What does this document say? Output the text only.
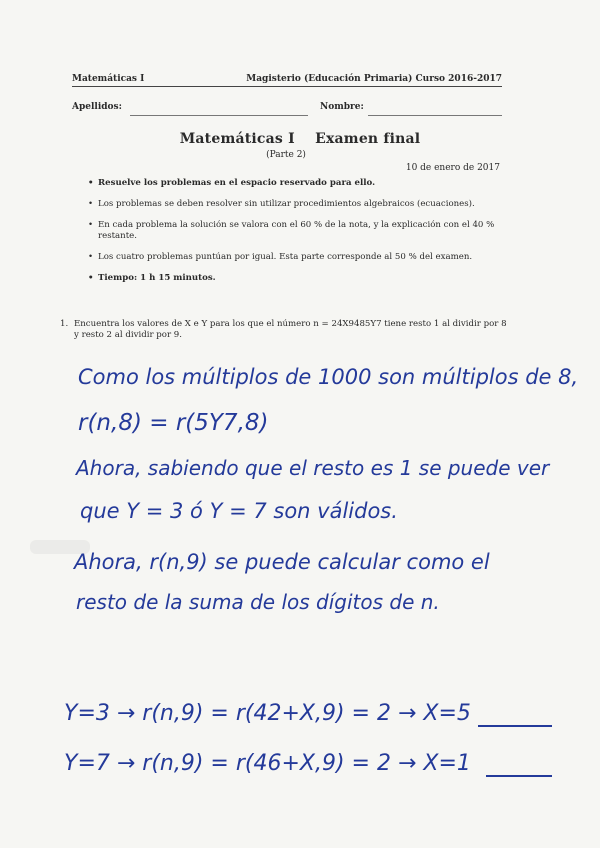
Matemáticas I	Magisterio (Educación Primaria) Curso 2016-2017
Apellidos:	Nombre:
Matemáticas I    Examen final
(Parte 2)
10 de enero de 2017
• Resuelve los problemas en el espacio reservado para ello.
• Los problemas se deben resolver sin utilizar procedimientos algebraicos (ecuaciones).
• En cada problema la solución se valora con el 60 % de la nota, y la explicación con el 40 % restante.
• Los cuatro problemas puntúan por igual. Esta parte corresponde al 50 % del examen.
• Tiempo: 1 h 15 minutos.
1. Encuentra los valores de X e Y para los que el número n = 24X9485Y7 tiene resto 1 al dividir por 8 y resto 2 al dividir por 9.
Como los múltiplos de 1000 son múltiplos de 8,
r(n,8) = r(5Y7,8)
Ahora, sabiendo que el resto es 1 se puede ver
que Y = 3 ó Y = 7 son válidos.
Ahora, r(n,9) se puede calcular como el
resto de la suma de los dígitos de n.
Y=3 → r(n,9) = r(42+X,9) = 2 → X=5
Y=7 → r(n,9) = r(46+X,9) = 2 → X=1
